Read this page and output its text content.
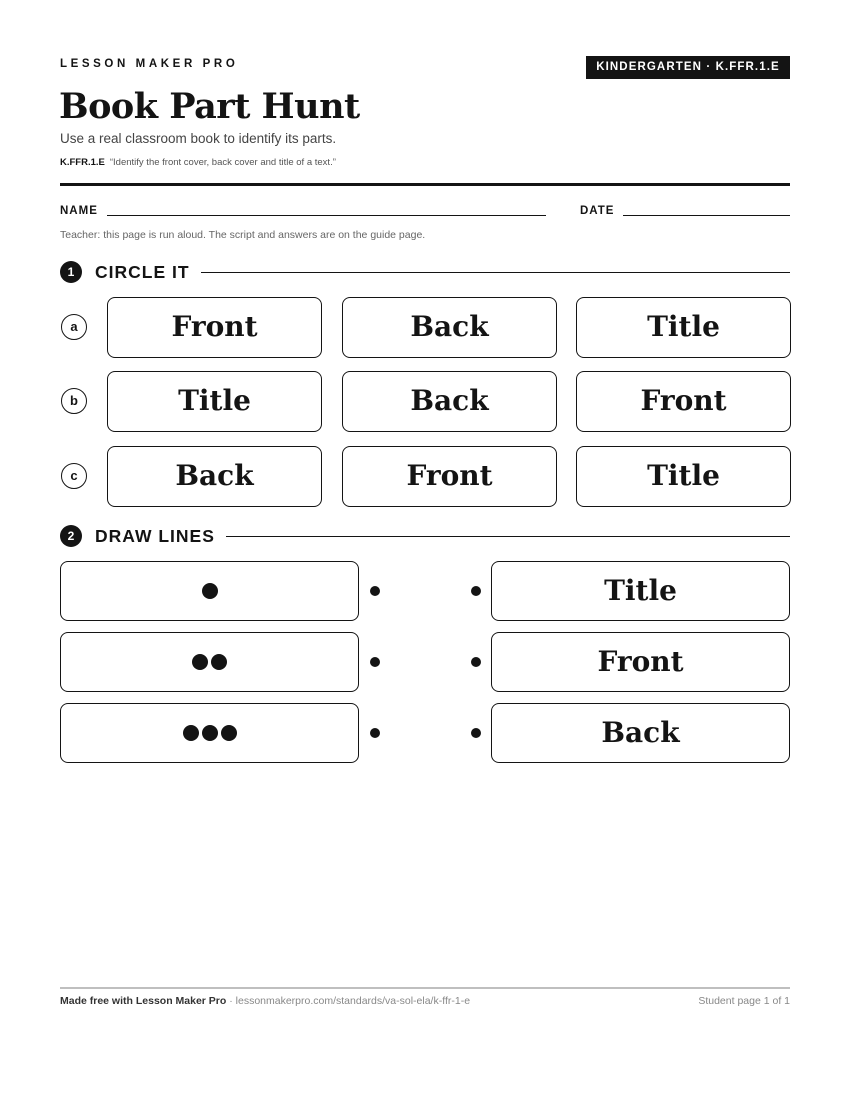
LESSON MAKER PRO	KINDERGARTEN · K.FFR.1.E
Book Part Hunt
Use a real classroom book to identify its parts.
K.FFR.1.E “Identify the front cover, back cover and title of a text.”
NAME	DATE
Teacher: this page is run aloud. The script and answers are on the guide page.
1	CIRCLE IT
a	Front	Back	Title
b	Title	Back	Front
c	Back	Front	Title
2	DRAW LINES
Title
Front
Back
Made free with Lesson Maker Pro · lessonmakerpro.com/standards/va-sol-ela/k-ffr-1-e	Student page 1 of 1
